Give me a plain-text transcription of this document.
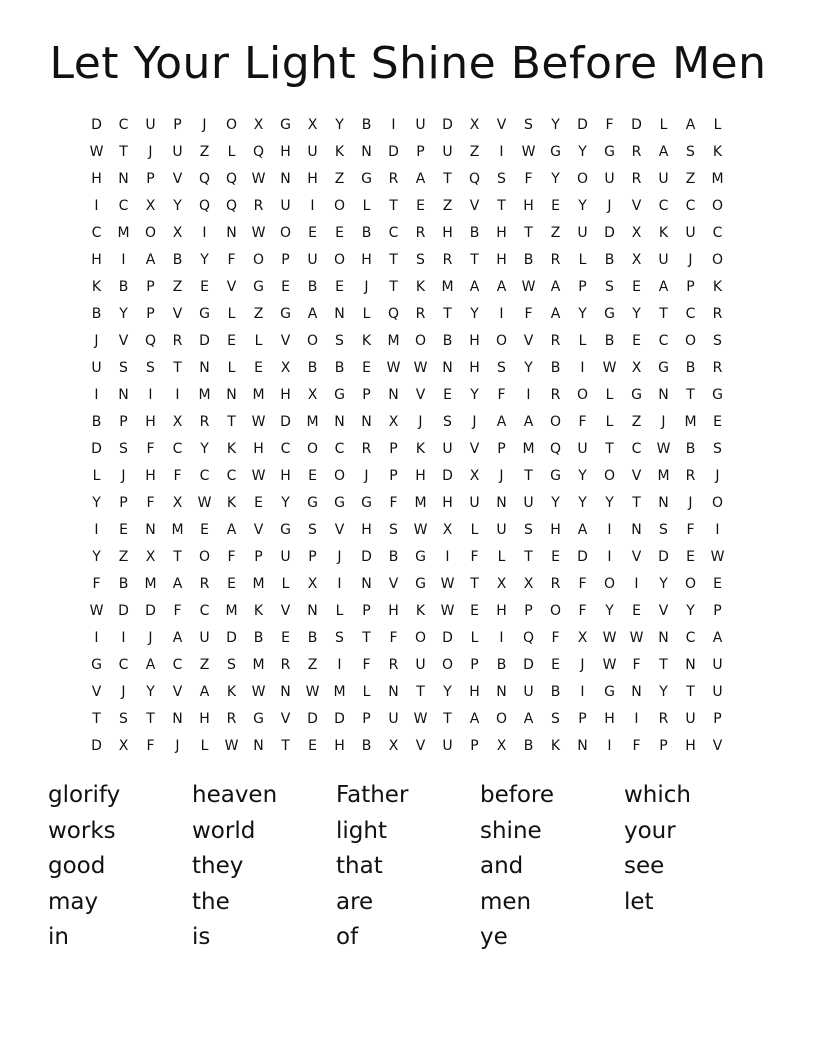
Let Your Light Shine Before Men
D	C	U	P	J	O	X	G	X	Y	B	I	U	D	X	V	S	Y	D	F	D	L	A	L
W	T	J	U	Z	L	Q	H	U	K	N	D	P	U	Z	I	W	G	Y	G	R	A	S	K
H	N	P	V	Q	Q	W	N	H	Z	G	R	A	T	Q	S	F	Y	O	U	R	U	Z	M
I	C	X	Y	Q	Q	R	U	I	O	L	T	E	Z	V	T	H	E	Y	J	V	C	C	O
C	M	O	X	I	N	W	O	E	E	B	C	R	H	B	H	T	Z	U	D	X	K	U	C
H	I	A	B	Y	F	O	P	U	O	H	T	S	R	T	H	B	R	L	B	X	U	J	O
K	B	P	Z	E	V	G	E	B	E	J	T	K	M	A	A	W	A	P	S	E	A	P	K
B	Y	P	V	G	L	Z	G	A	N	L	Q	R	T	Y	I	F	A	Y	G	Y	T	C	R
J	V	Q	R	D	E	L	V	O	S	K	M	O	B	H	O	V	R	L	B	E	C	O	S
U	S	S	T	N	L	E	X	B	B	E	W W	N	H	S	Y	B	I	W	X	G	B	R
I	N	I	I	M	N	M	H	X	G	P	N	V	E	Y	F	I	R	O	L	G	N	T	G
B	P	H	X	R	T	W	D	M	N	N	X	J	S	J	A	A	O	F	L	Z	J	M	E
D	S	F	C	Y	K	H	C	O	C	R	P	K	U	V	P	M	Q	U	T	C	W	B	S
L	J	H	F	C	C	W	H	E	O	J	P	H	D	X	J	T	G	Y	O	V	M	R	J
Y	P	F	X	W	K	E	Y	G	G	G	F	M	H	U	N	U	Y	Y	Y	T	N	J	O
I	E	N	M	E	A	V	G	S	V	H	S	W	X	L	U	S	H	A	I	N	S	F	I
Y	Z	X	T	O	F	P	U	P	J	D	B	G	I	F	L	T	E	D	I	V	D	E	W
F	B	M	A	R	E	M	L	X	I	N	V	G	W	T	X	X	R	F	O	I	Y	O	E
W	D	D	F	C	M	K	V	N	L	P	H	K	W	E	H	P	O	F	Y	E	V	Y	P
I	I	J	A	U	D	B	E	B	S	T	F	O	D	L	I	Q	F	X	W W	N	C	A
G	C	A	C	Z	S	M	R	Z	I	F	R	U	O	P	B	D	E	J	W	F	T	N	U
V	J	Y	V	A	K	W	N	W	M	L	N	T	Y	H	N	U	B	I	G	N	Y	T	U
T	S	T	N	H	R	G	V	D	D	P	U	W	T	A	O	A	S	P	H	I	R	U	P
D	X	F	J	L	W	N	T	E	H	B	X	V	U	P	X	B	K	N	I	F	P	H	V
glorify	heaven	Father	before	which
works	world	light	shine	your
good	they	that	and	see
may	the	are	men	let
in	is	of	ye
